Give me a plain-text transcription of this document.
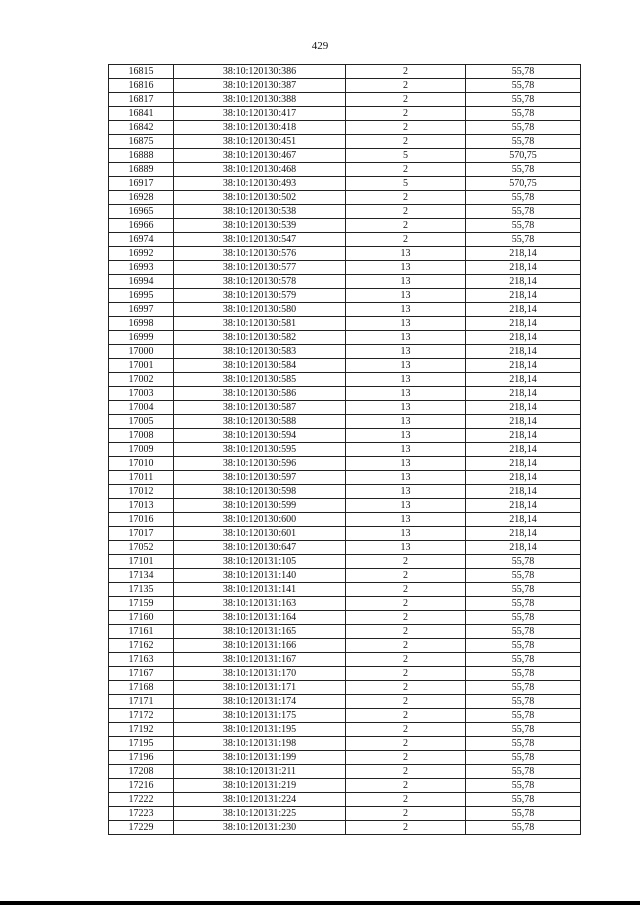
429
16815	38:10:120130:386	2	55,78
16816	38:10:120130:387	2	55,78
16817	38:10:120130:388	2	55,78
16841	38:10:120130:417	2	55,78
16842	38:10:120130:418	2	55,78
16875	38:10:120130:451	2	55,78
16888	38:10:120130:467	5	570,75
16889	38:10:120130:468	2	55,78
16917	38:10:120130:493	5	570,75
16928	38:10:120130:502	2	55,78
16965	38:10:120130:538	2	55,78
16966	38:10:120130:539	2	55,78
16974	38:10:120130:547	2	55,78
16992	38:10:120130:576	13	218,14
16993	38:10:120130:577	13	218,14
16994	38:10:120130:578	13	218,14
16995	38:10:120130:579	13	218,14
16997	38:10:120130:580	13	218,14
16998	38:10:120130:581	13	218,14
16999	38:10:120130:582	13	218,14
17000	38:10:120130:583	13	218,14
17001	38:10:120130:584	13	218,14
17002	38:10:120130:585	13	218,14
17003	38:10:120130:586	13	218,14
17004	38:10:120130:587	13	218,14
17005	38:10:120130:588	13	218,14
17008	38:10:120130:594	13	218,14
17009	38:10:120130:595	13	218,14
17010	38:10:120130:596	13	218,14
17011	38:10:120130:597	13	218,14
17012	38:10:120130:598	13	218,14
17013	38:10:120130:599	13	218,14
17016	38:10:120130:600	13	218,14
17017	38:10:120130:601	13	218,14
17052	38:10:120130:647	13	218,14
17101	38:10:120131:105	2	55,78
17134	38:10:120131:140	2	55,78
17135	38:10:120131:141	2	55,78
17159	38:10:120131:163	2	55,78
17160	38:10:120131:164	2	55,78
17161	38:10:120131:165	2	55,78
17162	38:10:120131:166	2	55,78
17163	38:10:120131:167	2	55,78
17167	38:10:120131:170	2	55,78
17168	38:10:120131:171	2	55,78
17171	38:10:120131:174	2	55,78
17172	38:10:120131:175	2	55,78
17192	38:10:120131:195	2	55,78
17195	38:10:120131:198	2	55,78
17196	38:10:120131:199	2	55,78
17208	38:10:120131:211	2	55,78
17216	38:10:120131:219	2	55,78
17222	38:10:120131:224	2	55,78
17223	38:10:120131:225	2	55,78
17229	38:10:120131:230	2	55,78
